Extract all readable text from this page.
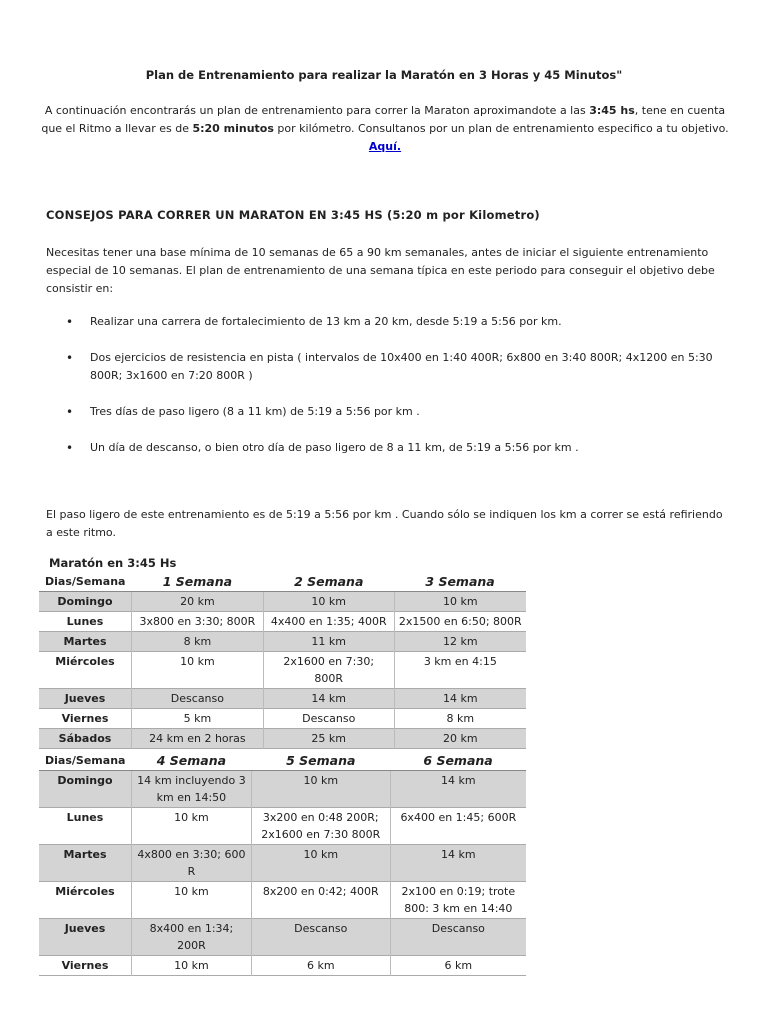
Plan de Entrenamiento para realizar la Maratón en 3 Horas y 45 Minutos"
A continuación encontrarás un plan de entrenamiento para correr la Maraton aproximandote a las 3:45 hs, tene en cuenta que el Ritmo a llevar es de 5:20 minutos por kilómetro. Consultanos por un plan de entrenamiento especifico a tu objetivo. Aquí.
CONSEJOS PARA CORRER UN MARATON EN 3:45 HS (5:20 m por Kilometro)
Necesitas tener una base mínima de 10 semanas de 65 a 90 km semanales, antes de iniciar el siguiente entrenamiento especial de 10 semanas. El plan de entrenamiento de una semana típica en este periodo para conseguir el objetivo debe consistir en:
• Realizar una carrera de fortalecimiento de 13 km a 20 km, desde 5:19 a 5:56 por km.
• Dos ejercicios de resistencia en pista ( intervalos de 10x400 en 1:40 400R; 6x800 en 3:40 800R; 4x1200 en 5:30 800R; 3x1600 en 7:20 800R )
• Tres días de paso ligero (8 a 11 km) de 5:19 a 5:56 por km .
• Un día de descanso, o bien otro día de paso ligero de 8 a 11 km, de 5:19 a 5:56 por km .
El paso ligero de este entrenamiento es de 5:19 a 5:56 por km . Cuando sólo se indiquen los km a correr se está refiriendo a este ritmo.
Maratón en 3:45 Hs
Dias/Semana	1 Semana	2 Semana	3 Semana
Domingo	20 km	10 km	10 km
Lunes	3x800 en 3:30; 800R	4x400 en 1:35; 400R	2x1500 en 6:50; 800R
Martes	8 km	11 km	12 km
Miércoles	10 km	2x1600 en 7:30; 800R	3 km en 4:15
Jueves	Descanso	14 km	14 km
Viernes	5 km	Descanso	8 km
Sábados	24 km en 2 horas	25 km	20 km
Dias/Semana	4 Semana	5 Semana	6 Semana
Domingo	14 km incluyendo 3 km en 14:50	10 km	14 km
Lunes	10 km	3x200 en 0:48 200R; 2x1600 en 7:30 800R	6x400 en 1:45; 600R
Martes	4x800 en 3:30; 600 R	10 km	14 km
Miércoles	10 km	8x200 en 0:42; 400R	2x100 en 0:19; trote 800: 3 km en 14:40
Jueves	8x400 en 1:34; 200R	Descanso	Descanso
Viernes	10 km	6 km	6 km
